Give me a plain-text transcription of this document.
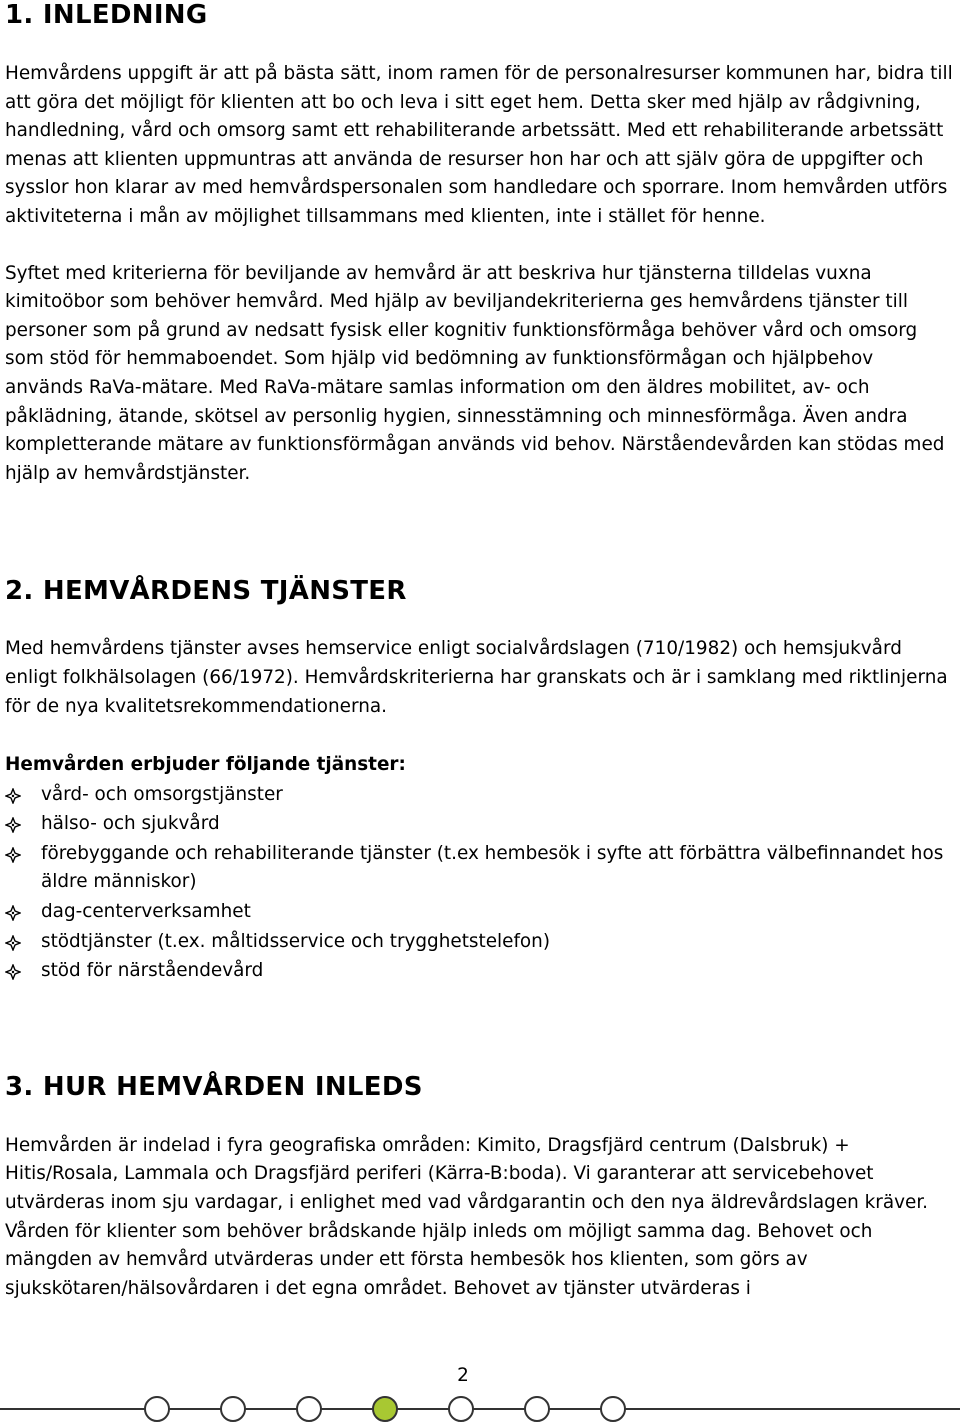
1. INLEDNING

Hemvårdens uppgift är att på bästa sätt, inom ramen för de personalresurser kommunen har, bidra till att göra det möjligt för klienten att bo och leva i sitt eget hem. Detta sker med hjälp av rådgivning, handledning, vård och omsorg samt ett rehabiliterande arbetssätt. Med ett rehabiliterande arbetssätt menas att klienten uppmuntras att använda de resurser hon har och att själv göra de uppgifter och sysslor hon klarar av med hemvårdspersonalen som handledare och sporrare. Inom hemvården utförs aktiviteterna i mån av möjlighet tillsammans med klienten, inte i stället för henne.

Syftet med kriterierna för beviljande av hemvård är att beskriva hur tjänsterna tilldelas vuxna kimitoöbor som behöver hemvård. Med hjälp av beviljandekriterierna ges hemvårdens tjänster till personer som på grund av nedsatt fysisk eller kognitiv funktionsförmåga behöver vård och omsorg som stöd för hemmaboendet. Som hjälp vid bedömning av funktionsförmågan och hjälpbehov används RaVa-mätare. Med RaVa-mätare samlas information om den äldres mobilitet, av- och påklädning, ätande, skötsel av personlig hygien, sinnesstämning och minnesförmåga. Även andra kompletterande mätare av funktionsförmågan används vid behov. Närståendevården kan stödas med hjälp av hemvårdstjänster.

2. HEMVÅRDENS TJÄNSTER

Med hemvårdens tjänster avses hemservice enligt socialvårdslagen (710/1982) och hemsjukvård enligt folkhälsolagen (66/1972). Hemvårdskriterierna har granskats och är i samklang med riktlinjerna för de nya kvalitetsrekommendationerna.

Hemvården erbjuder följande tjänster:
vård- och omsorgstjänster
hälso- och sjukvård
förebyggande och rehabiliterande tjänster (t.ex hembesök i syfte att förbättra välbefinnandet hos äldre människor)
dag-centerverksamhet
stödtjänster (t.ex. måltidsservice och trygghetstelefon)
stöd för närståendevård
3. HUR HEMVÅRDEN INLEDS

Hemvården är indelad i fyra geografiska områden: Kimito, Dragsfjärd centrum (Dalsbruk) + Hitis/Rosala, Lammala och Dragsfjärd periferi (Kärra-B:boda). Vi garanterar att servicebehovet utvärderas inom sju vardagar, i enlighet med vad vårdgarantin och den nya äldrevårdslagen kräver. Vården för klienter som behöver brådskande hjälp inleds om möjligt samma dag. Behovet och mängden av hemvård utvärderas under ett första hembesök hos klienten, som görs av sjukskötaren/hälsovårdaren i det egna området. Behovet av tjänster utvärderas i

2
